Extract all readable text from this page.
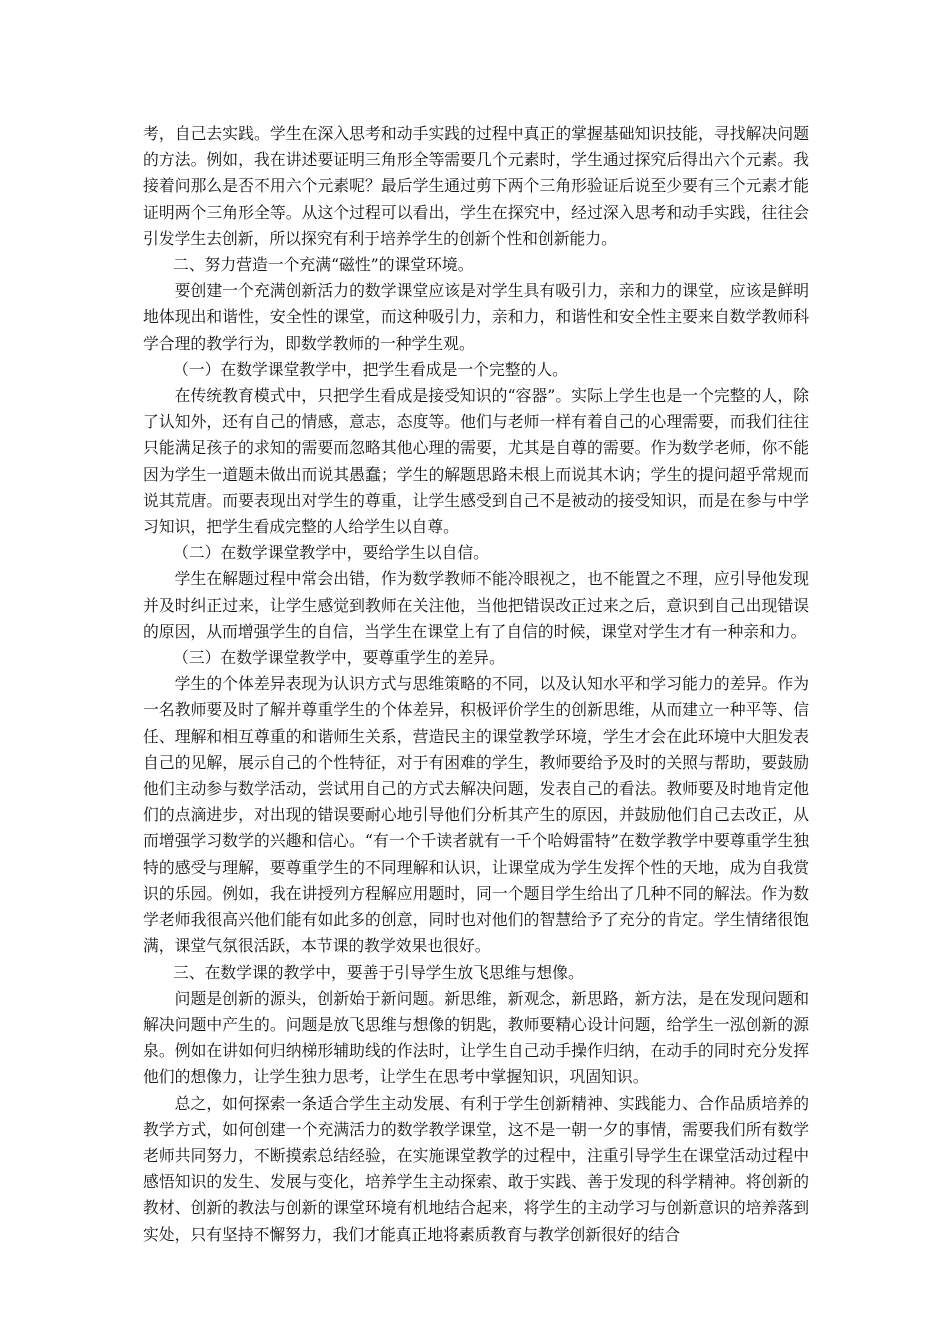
考，自己去实践。学生在深入思考和动手实践的过程中真正的掌握基础知识技能，寻找解决问题的方法。例如，我在讲述要证明三角形全等需要几个元素时，学生通过探究后得出六个元素。我接着问那么是否不用六个元素呢？最后学生通过剪下两个三角形验证后说至少要有三个元素才能证明两个三角形全等。从这个过程可以看出，学生在探究中，经过深入思考和动手实践，往往会引发学生去创新，所以探究有利于培养学生的创新个性和创新能力。

二、努力营造一个充满“磁性”的课堂环境。

要创建一个充满创新活力的数学课堂应该是对学生具有吸引力，亲和力的课堂，应该是鲜明地体现出和谐性，安全性的课堂，而这种吸引力，亲和力，和谐性和安全性主要来自数学教师科学合理的教学行为，即数学教师的一种学生观。

（一）在数学课堂教学中，把学生看成是一个完整的人。

在传统教育模式中，只把学生看成是接受知识的“容器”。实际上学生也是一个完整的人，除了认知外，还有自己的情感，意志，态度等。他们与老师一样有着自己的心理需要，而我们往往只能满足孩子的求知的需要而忽略其他心理的需要，尤其是自尊的需要。作为数学老师，你不能因为学生一道题未做出而说其愚蠢；学生的解题思路未根上而说其木讷；学生的提问超乎常规而说其荒唐。而要表现出对学生的尊重，让学生感受到自己不是被动的接受知识，而是在参与中学习知识，把学生看成完整的人给学生以自尊。

（二）在数学课堂教学中，要给学生以自信。

学生在解题过程中常会出错，作为数学教师不能冷眼视之，也不能置之不理，应引导他发现并及时纠正过来，让学生感觉到教师在关注他，当他把错误改正过来之后，意识到自己出现错误的原因，从而增强学生的自信，当学生在课堂上有了自信的时候，课堂对学生才有一种亲和力。

（三）在数学课堂教学中，要尊重学生的差异。

学生的个体差异表现为认识方式与思维策略的不同，以及认知水平和学习能力的差异。作为一名教师要及时了解并尊重学生的个体差异，积极评价学生的创新思维，从而建立一种平等、信任、理解和相互尊重的和谐师生关系，营造民主的课堂教学环境，学生才会在此环境中大胆发表自己的见解，展示自己的个性特征，对于有困难的学生，教师要给予及时的关照与帮助，要鼓励他们主动参与数学活动，尝试用自己的方式去解决问题，发表自己的看法。教师要及时地肯定他们的点滴进步，对出现的错误要耐心地引导他们分析其产生的原因，并鼓励他们自己去改正，从而增强学习数学的兴趣和信心。“有一个千读者就有一千个哈姆雷特”在数学教学中要尊重学生独特的感受与理解，要尊重学生的不同理解和认识，让课堂成为学生发挥个性的天地，成为自我赏识的乐园。例如，我在讲授列方程解应用题时，同一个题目学生给出了几种不同的解法。作为数学老师我很高兴他们能有如此多的创意，同时也对他们的智慧给予了充分的肯定。学生情绪很饱满，课堂气氛很活跃，本节课的教学效果也很好。

三、在数学课的教学中，要善于引导学生放飞思维与想像。

问题是创新的源头，创新始于新问题。新思维，新观念，新思路，新方法，是在发现问题和解决问题中产生的。问题是放飞思维与想像的钥匙，教师要精心设计问题，给学生一泓创新的源泉。例如在讲如何归纳梯形辅助线的作法时，让学生自己动手操作归纳，在动手的同时充分发挥他们的想像力，让学生独力思考，让学生在思考中掌握知识，巩固知识。

总之，如何探索一条适合学生主动发展、有利于学生创新精神、实践能力、合作品质培养的教学方式，如何创建一个充满活力的数学教学课堂，这不是一朝一夕的事情，需要我们所有数学老师共同努力，不断摸索总结经验，在实施课堂教学的过程中，注重引导学生在课堂活动过程中感悟知识的发生、发展与变化，培养学生主动探索、敢于实践、善于发现的科学精神。将创新的教材、创新的教法与创新的课堂环境有机地结合起来，将学生的主动学习与创新意识的培养落到实处，只有坚持不懈努力，我们才能真正地将素质教育与教学创新很好的结合
